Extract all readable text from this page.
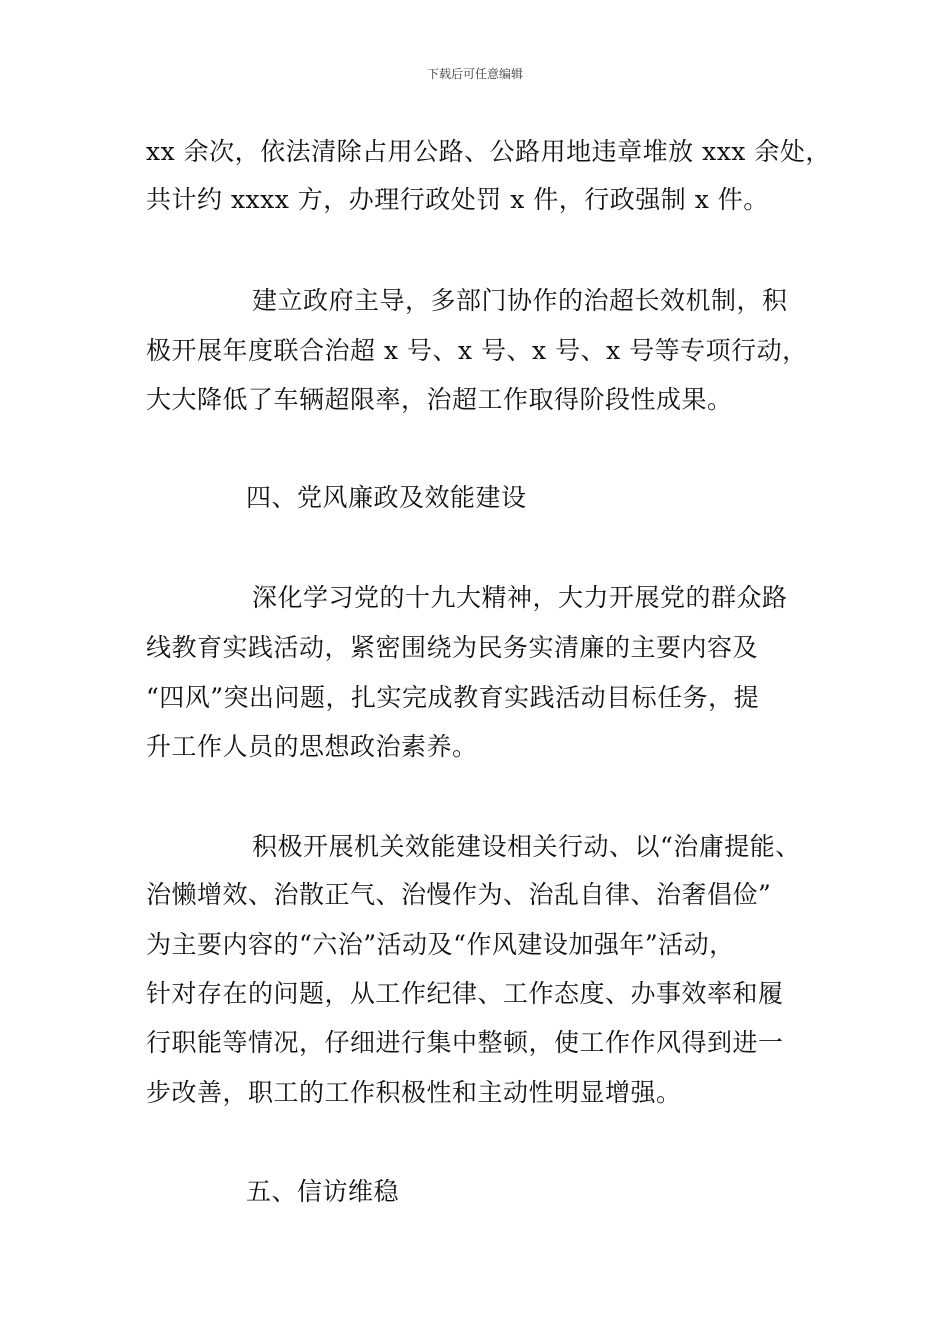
下载后可任意编辑
xx 余次，依法清除占用公路、公路用地违章堆放 xxx 余处，
共计约 xxxx 方，办理行政处罚 x 件，行政强制 x 件。
建立政府主导，多部门协作的治超长效机制，积
极开展年度联合治超 x 号、x 号、x 号、x 号等专项行动，
大大降低了车辆超限率，治超工作取得阶段性成果。
四、党风廉政及效能建设
深化学习党的十九大精神，大力开展党的群众路
线教育实践活动，紧密围绕为民务实清廉的主要内容及
“四风”突出问题，扎实完成教育实践活动目标任务，提
升工作人员的思想政治素养。
积极开展机关效能建设相关行动、以“治庸提能、
治懒增效、治散正气、治慢作为、治乱自律、治奢倡俭”
为主要内容的“六治”活动及“作风建设加强年”活动，
针对存在的问题，从工作纪律、工作态度、办事效率和履
行职能等情况，仔细进行集中整顿，使工作作风得到进一
步改善，职工的工作积极性和主动性明显增强。
五、信访维稳
